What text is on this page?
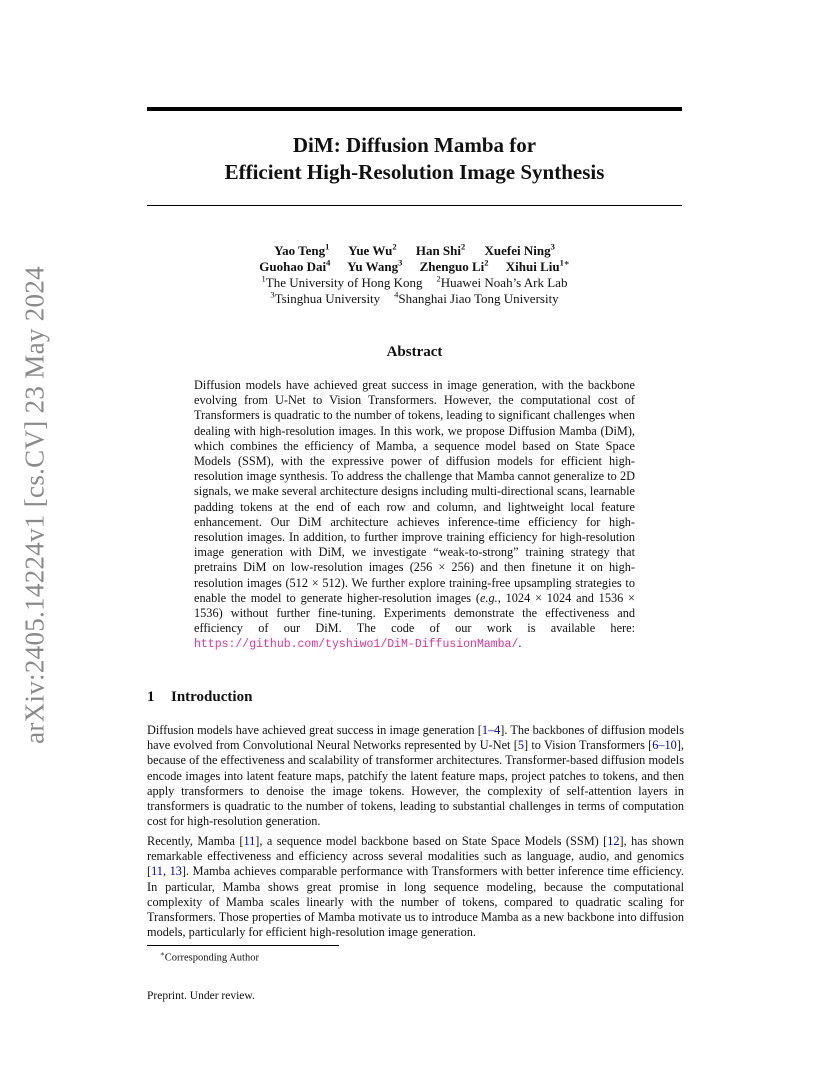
arXiv:2405.14224v1 [cs.CV] 23 May 2024
DiM: Diffusion Mamba for
Efficient High-Resolution Image Synthesis
Yao Teng$^1$ Yue Wu$^2$ Han Shi$^2$ Xuefei Ning$^3$
Guohao Dai$^4$ Yu Wang$^3$ Zhenguo Li$^2$ Xihui Liu$^{1∗}$
$^1$The University of Hong Kong $^2$Huawei Noah’s Ark Lab
$^3$Tsinghua University $^4$Shanghai Jiao Tong University
Abstract
Diffusion models have achieved great success in image generation, with the backbone evolving from U-Net to Vision Transformers. However, the computational cost of Transformers is quadratic to the number of tokens, leading to significant challenges when dealing with high-resolution images. In this work, we propose Diffusion Mamba (DiM), which combines the efficiency of Mamba, a sequence model based on State Space Models (SSM), with the expressive power of diffusion models for efficient high-resolution image synthesis. To address the challenge that Mamba cannot generalize to 2D signals, we make several architecture designs including multi-directional scans, learnable padding tokens at the end of each row and column, and lightweight local feature enhancement. Our DiM architecture achieves inference-time efficiency for high-resolution images. In addition, to further improve training efficiency for high-resolution image generation with DiM, we investigate “weak-to-strong” training strategy that pretrains DiM on low-resolution images (256 × 256) and then finetune it on high-resolution images (512 × 512). We further explore training-free upsampling strategies to enable the model to generate higher-resolution images (e.g., 1024 × 1024 and 1536 × 1536) without further fine-tuning. Experiments demonstrate the effectiveness and efficiency of our DiM. The code of our work is available here: https://github.com/tyshiwo1/DiM-DiffusionMamba/.
1 Introduction
Diffusion models have achieved great success in image generation [1–4]. The backbones of diffusion models have evolved from Convolutional Neural Networks represented by U-Net [5] to Vision Transformers [6–10], because of the effectiveness and scalability of transformer architectures. Transformer-based diffusion models encode images into latent feature maps, patchify the latent feature maps, project patches to tokens, and then apply transformers to denoise the image tokens. However, the complexity of self-attention layers in transformers is quadratic to the number of tokens, leading to substantial challenges in terms of computation cost for high-resolution generation.
Recently, Mamba [11], a sequence model backbone based on State Space Models (SSM) [12], has shown remarkable effectiveness and efficiency across several modalities such as language, audio, and genomics [11, 13]. Mamba achieves comparable performance with Transformers with better inference time efficiency. In particular, Mamba shows great promise in long sequence modeling, because the computational complexity of Mamba scales linearly with the number of tokens, compared to quadratic scaling for Transformers. Those properties of Mamba motivate us to introduce Mamba as a new backbone into diffusion models, particularly for efficient high-resolution image generation.
∗Corresponding Author
Preprint. Under review.
